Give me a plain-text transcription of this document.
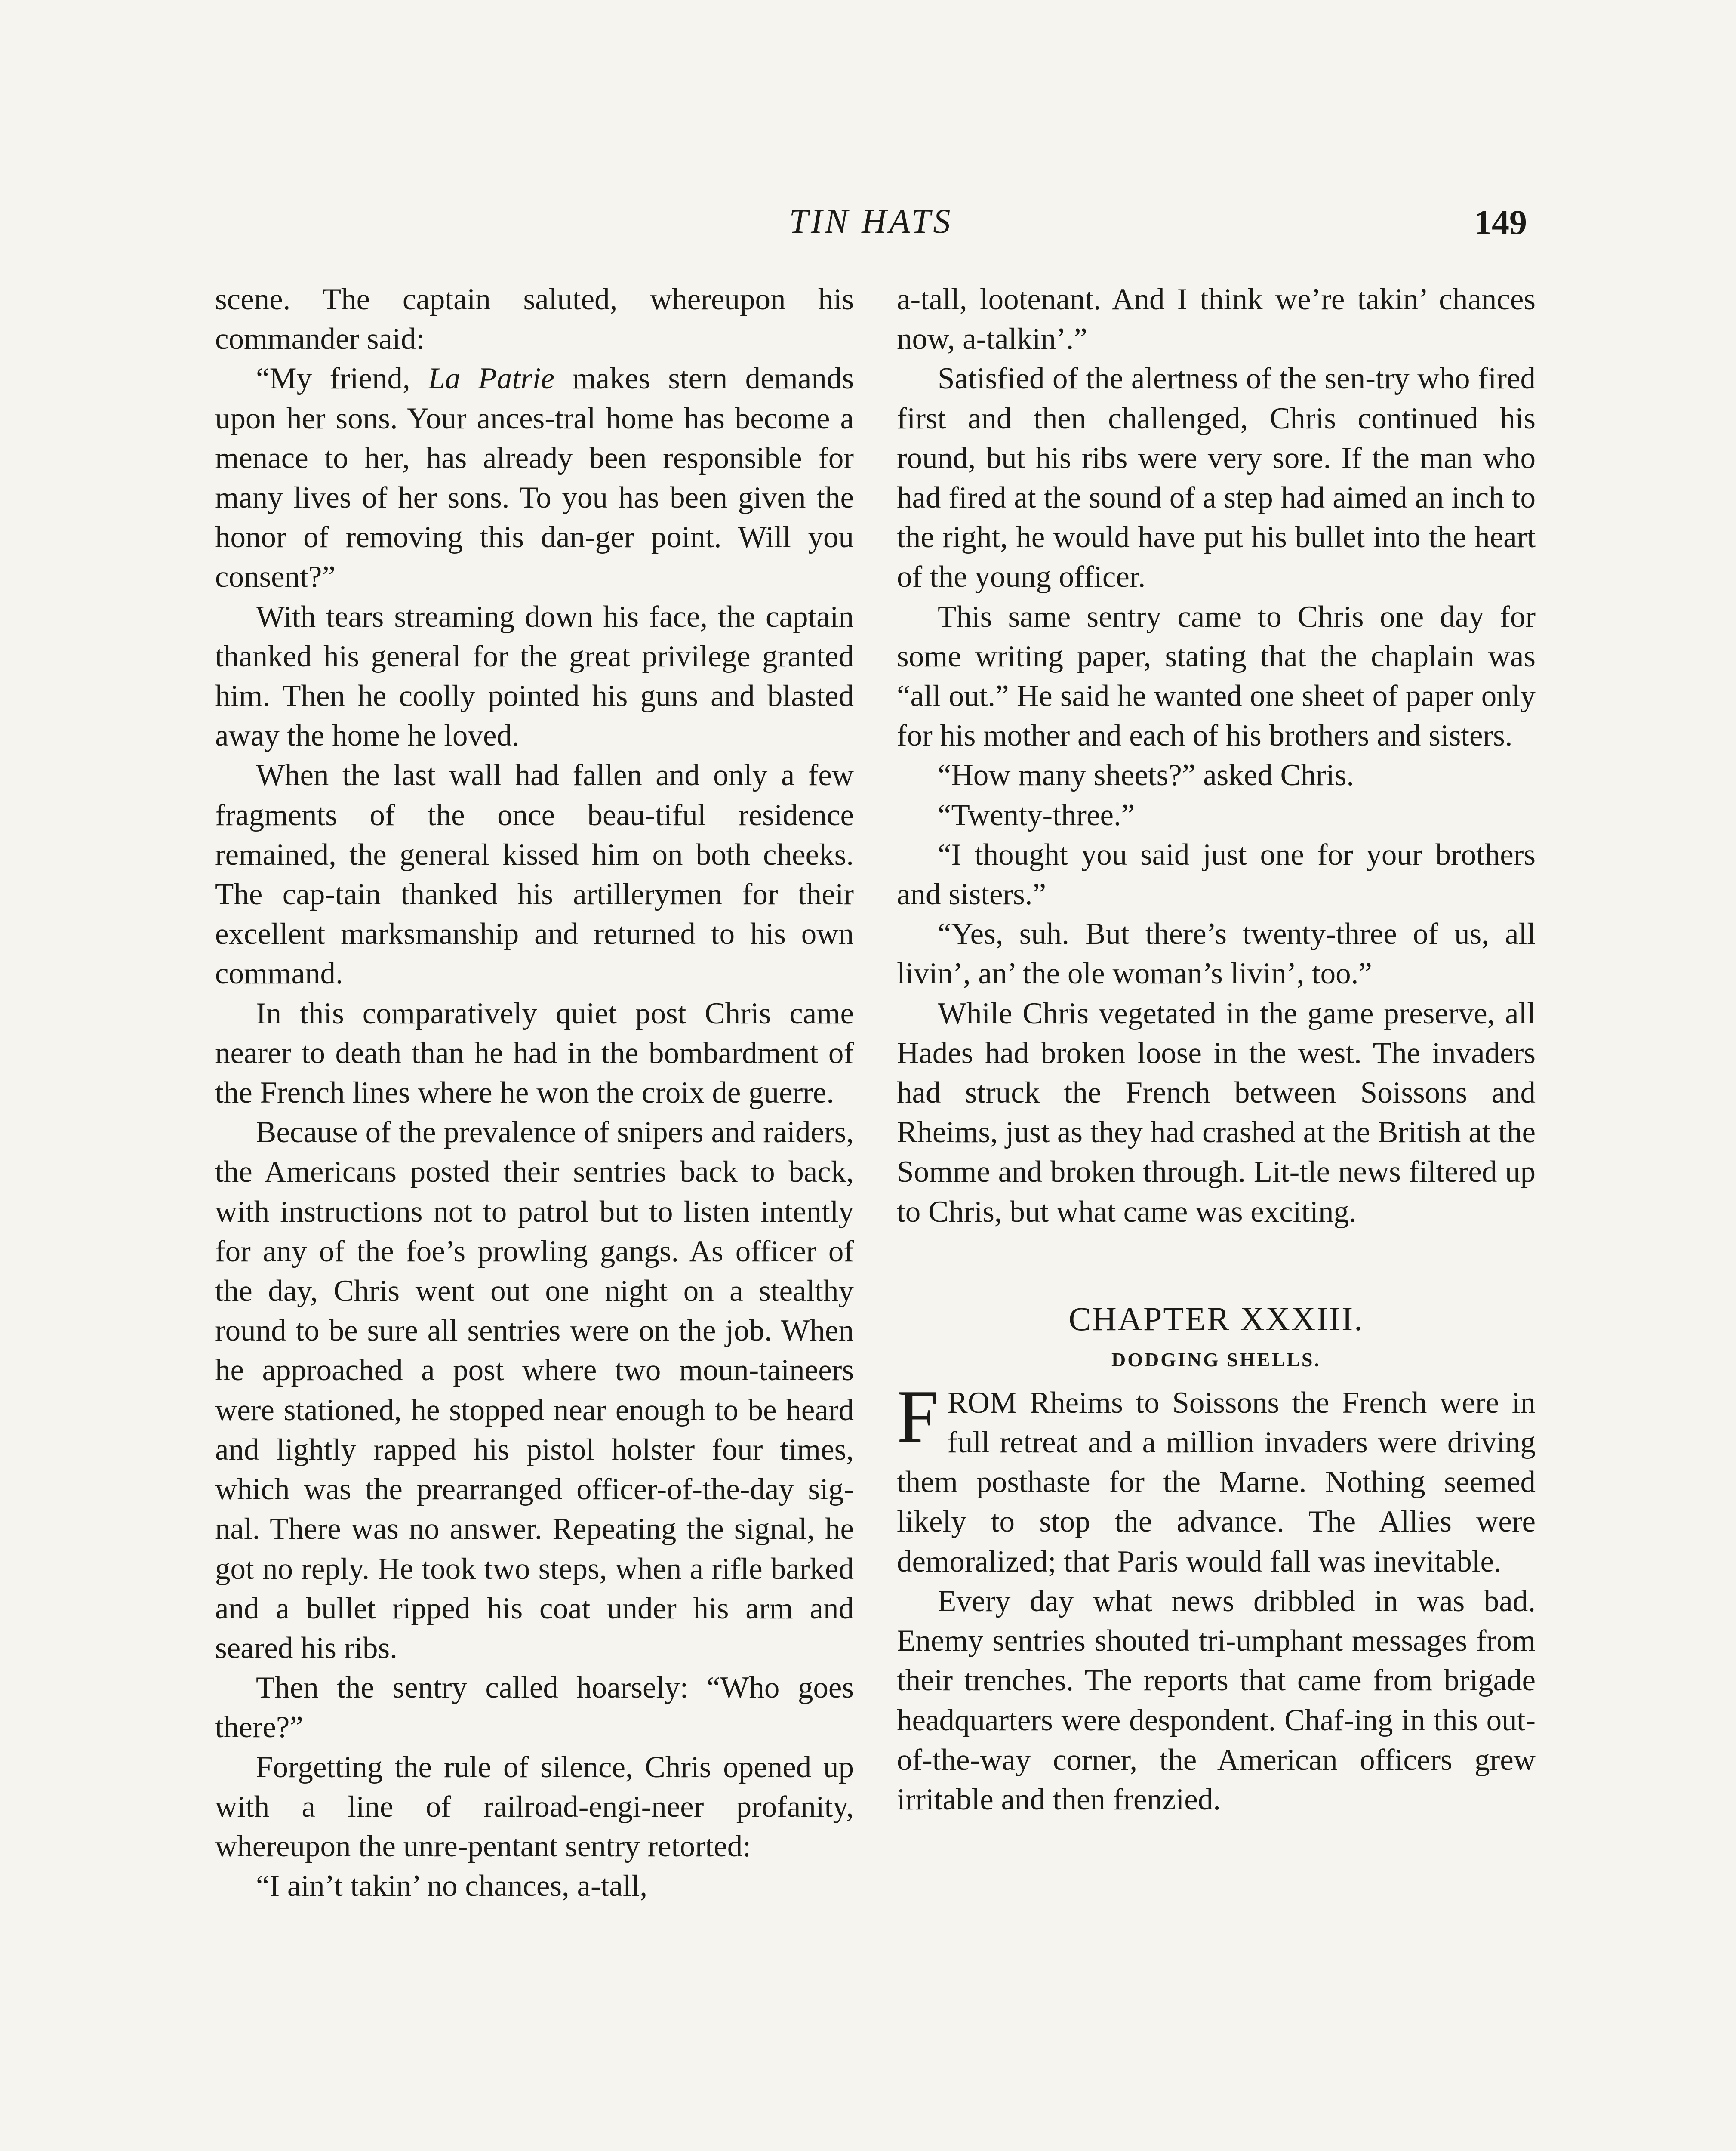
TIN HATS	149

scene. The captain saluted, whereupon his commander said:

“My friend, La Patrie makes stern demands upon her sons. Your ances-tral home has become a menace to her, has already been responsible for many lives of her sons. To you has been given the honor of removing this dan-ger point. Will you consent?”

With tears streaming down his face, the captain thanked his general for the great privilege granted him. Then he coolly pointed his guns and blasted away the home he loved.

When the last wall had fallen and only a few fragments of the once beau-tiful residence remained, the general kissed him on both cheeks. The cap-tain thanked his artillerymen for their excellent marksmanship and returned to his own command.

In this comparatively quiet post Chris came nearer to death than he had in the bombardment of the French lines where he won the croix de guerre.

Because of the prevalence of snipers and raiders, the Americans posted their sentries back to back, with instructions not to patrol but to listen intently for any of the foe’s prowling gangs. As officer of the day, Chris went out one night on a stealthy round to be sure all sentries were on the job. When he approached a post where two moun-taineers were stationed, he stopped near enough to be heard and lightly rapped his pistol holster four times, which was the prearranged officer-of-the-day sig-nal. There was no answer. Repeating the signal, he got no reply. He took two steps, when a rifle barked and a bullet ripped his coat under his arm and seared his ribs.

Then the sentry called hoarsely: “Who goes there?”

Forgetting the rule of silence, Chris opened up with a line of railroad-engi-neer profanity, whereupon the unre-pentant sentry retorted:

“I ain’t takin’ no chances, a-tall,

a-tall, lootenant. And I think we’re takin’ chances now, a-talkin’.”

Satisfied of the alertness of the sen-try who fired first and then challenged, Chris continued his round, but his ribs were very sore. If the man who had fired at the sound of a step had aimed an inch to the right, he would have put his bullet into the heart of the young officer.

This same sentry came to Chris one day for some writing paper, stating that the chaplain was “all out.” He said he wanted one sheet of paper only for his mother and each of his brothers and sisters.

“How many sheets?” asked Chris.

“Twenty-three.”

“I thought you said just one for your brothers and sisters.”

“Yes, suh. But there’s twenty-three of us, all livin’, an’ the ole woman’s livin’, too.”

While Chris vegetated in the game preserve, all Hades had broken loose in the west. The invaders had struck the French between Soissons and Rheims, just as they had crashed at the British at the Somme and broken through. Lit-tle news filtered up to Chris, but what came was exciting.

CHAPTER XXXIII.
DODGING SHELLS.

FROM Rheims to Soissons the French were in full retreat and a million invaders were driving them posthaste for the Marne. Nothing seemed likely to stop the advance. The Allies were demoralized; that Paris would fall was inevitable.

Every day what news dribbled in was bad. Enemy sentries shouted tri-umphant messages from their trenches. The reports that came from brigade headquarters were despondent. Chaf-ing in this out-of-the-way corner, the American officers grew irritable and then frenzied.
